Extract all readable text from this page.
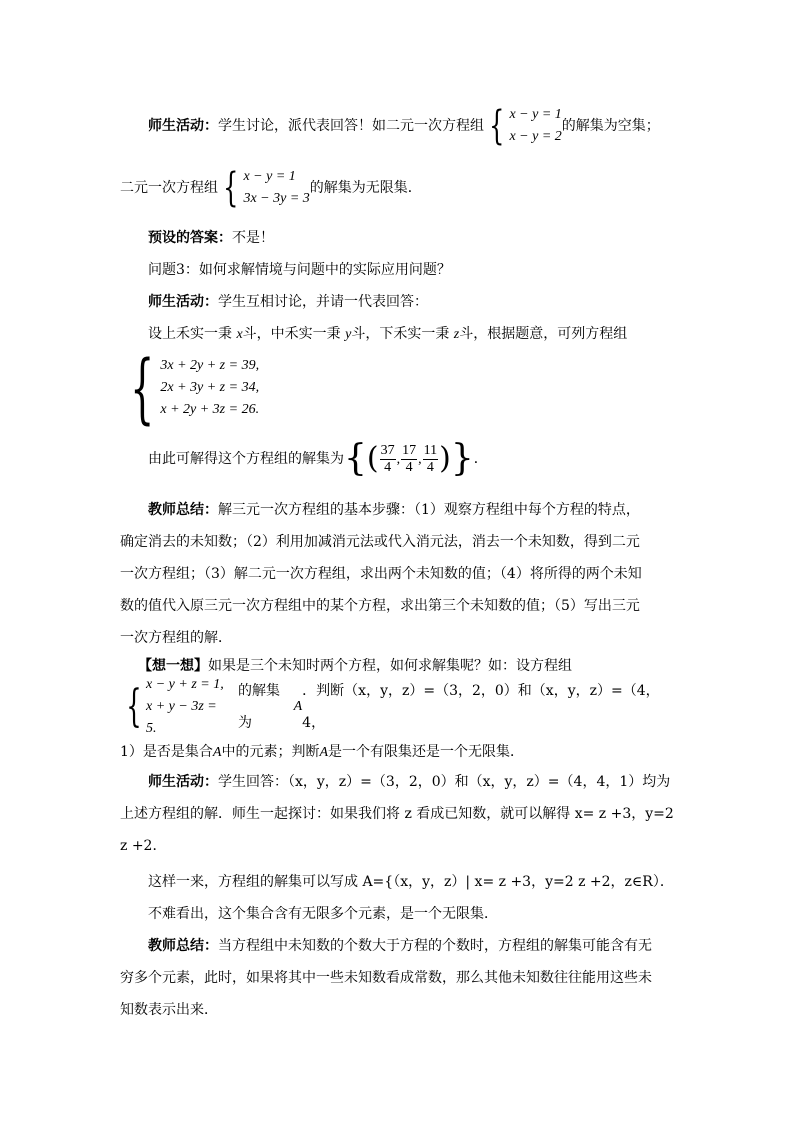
师生活动：学生讨论，派代表回答！如二元一次方程组 { x − y = 1
x − y = 2
的解集为空集；
二元一次方程组 { x − y = 1
3x − 3y = 3
的解集为无限集．
预设的答案：不是！
问题3：如何求解情境与问题中的实际应用问题？
师生活动：学生互相讨论，并请一代表回答：
设上禾实一秉 x斗，中禾实一秉 y斗，下禾实一秉 z斗，根据题意，可列方程组
{ 3x + 2y + z = 39,
2x + 3y + z = 34,
x + 2y + 3z = 26.
由此可解得这个方程组的解集为{( $\frac{37}{4}$ , $\frac{17}{4}$ , $\frac{11}{4}$ )}．
教师总结：解三元一次方程组的基本步骤：（1）观察方程组中每个方程的特点，
确定消去的未知数；（2）利用加减消元法或代入消元法，消去一个未知数，得到二元
一次方程组；（3）解二元一次方程组，求出两个未知数的值；（4）将所得的两个未知
数的值代入原三元一次方程组中的某个方程，求出第三个未知数的值；（5）写出三元
一次方程组的解．
【想一想】如果是三个未知时两个方程，如何求解集呢？如：设方程组
{ x − y + z = 1,
x + y − 3z = 5.
的解集为
A
．判断（x，y，z）=（3，2，0）和（x，y，z）=（4，4，
1）是否是集合A中的元素；判断A是一个有限集还是一个无限集．
师生活动：学生回答：（x，y，z）=（3，2，0）和（x，y，z）=（4，4，1）均为
上述方程组的解．师生一起探讨：如果我们将 z 看成已知数，就可以解得 x= z +3，y=2
z +2．
这样一来，方程组的解集可以写成 A={（x，y，z）| x= z +3，y=2 z +2，z∈R）．
不难看出，这个集合含有无限多个元素，是一个无限集．
教师总结：当方程组中未知数的个数大于方程的个数时，方程组的解集可能含有无
穷多个元素，此时，如果将其中一些未知数看成常数，那么其他未知数往往能用这些未
知数表示出来．
